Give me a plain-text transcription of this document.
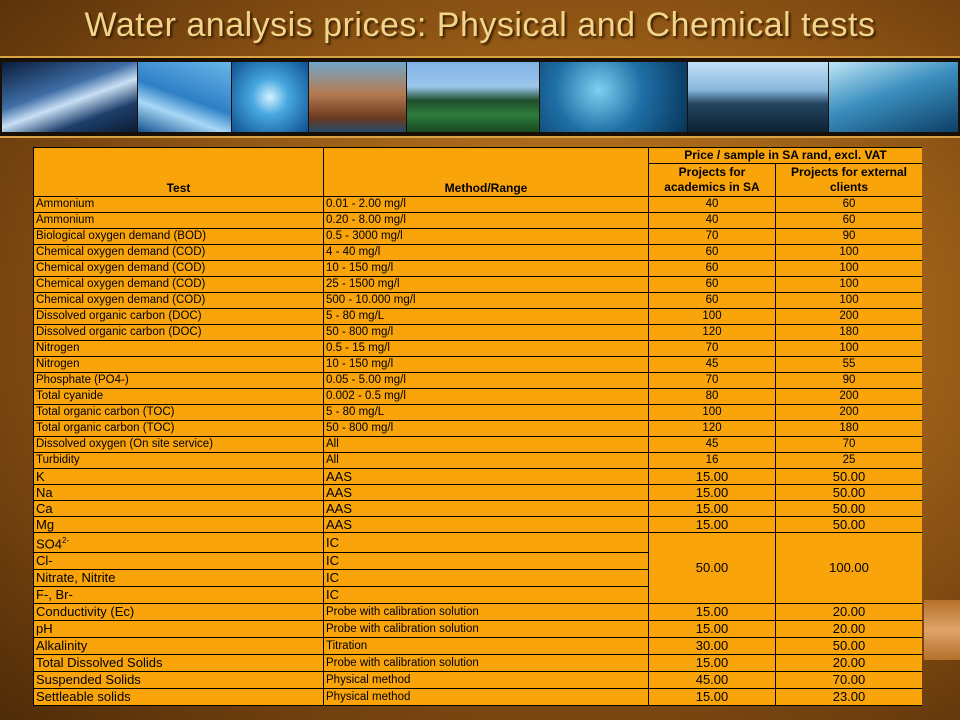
Water analysis prices: Physical and Chemical tests
Test	Method/Range	Price / sample in SA rand, excl. VAT	
		Projects for academics in SA	Projects for external clients
Ammonium	0.01 - 2.00 mg/l	40	60
Ammonium	0.20 - 8.00 mg/l	40	60
Biological oxygen demand (BOD)	0.5 - 3000 mg/l	70	90
Chemical oxygen demand (COD)	4 - 40 mg/l	60	100
Chemical oxygen demand (COD)	10 - 150 mg/l	60	100
Chemical oxygen demand (COD)	25 - 1500 mg/l	60	100
Chemical oxygen demand (COD)	500 - 10.000 mg/l	60	100
Dissolved organic carbon (DOC)	5 - 80 mg/L	100	200
Dissolved organic carbon (DOC)	50 - 800 mg/l	120	180
Nitrogen	0.5 - 15 mg/l	70	100
Nitrogen	10 - 150 mg/l	45	55
Phosphate (PO4-)	0.05 - 5.00 mg/l	70	90
Total cyanide	0.002 - 0.5 mg/l	80	200
Total organic carbon (TOC)	5 - 80 mg/L	100	200
Total organic carbon (TOC)	50 - 800 mg/l	120	180
Dissolved oxygen (On site service)	All	45	70
Turbidity	All	16	25
K	AAS	15.00	50.00
Na	AAS	15.00	50.00
Ca	AAS	15.00	50.00
Mg	AAS	15.00	50.00
$SO4^{2-}$	IC	50.00	100.00
Cl-	IC		
Nitrate, Nitrite	IC		
F-, Br-	IC		
Conductivity (Ec)	Probe with calibration solution	15.00	20.00
pH	Probe with calibration solution	15.00	20.00
Alkalinity	Titration	30.00	50.00
Total Dissolved Solids	Probe with calibration solution	15.00	20.00
Suspended Solids	Physical method	45.00	70.00
Settleable solids	Physical method	15.00	23.00
